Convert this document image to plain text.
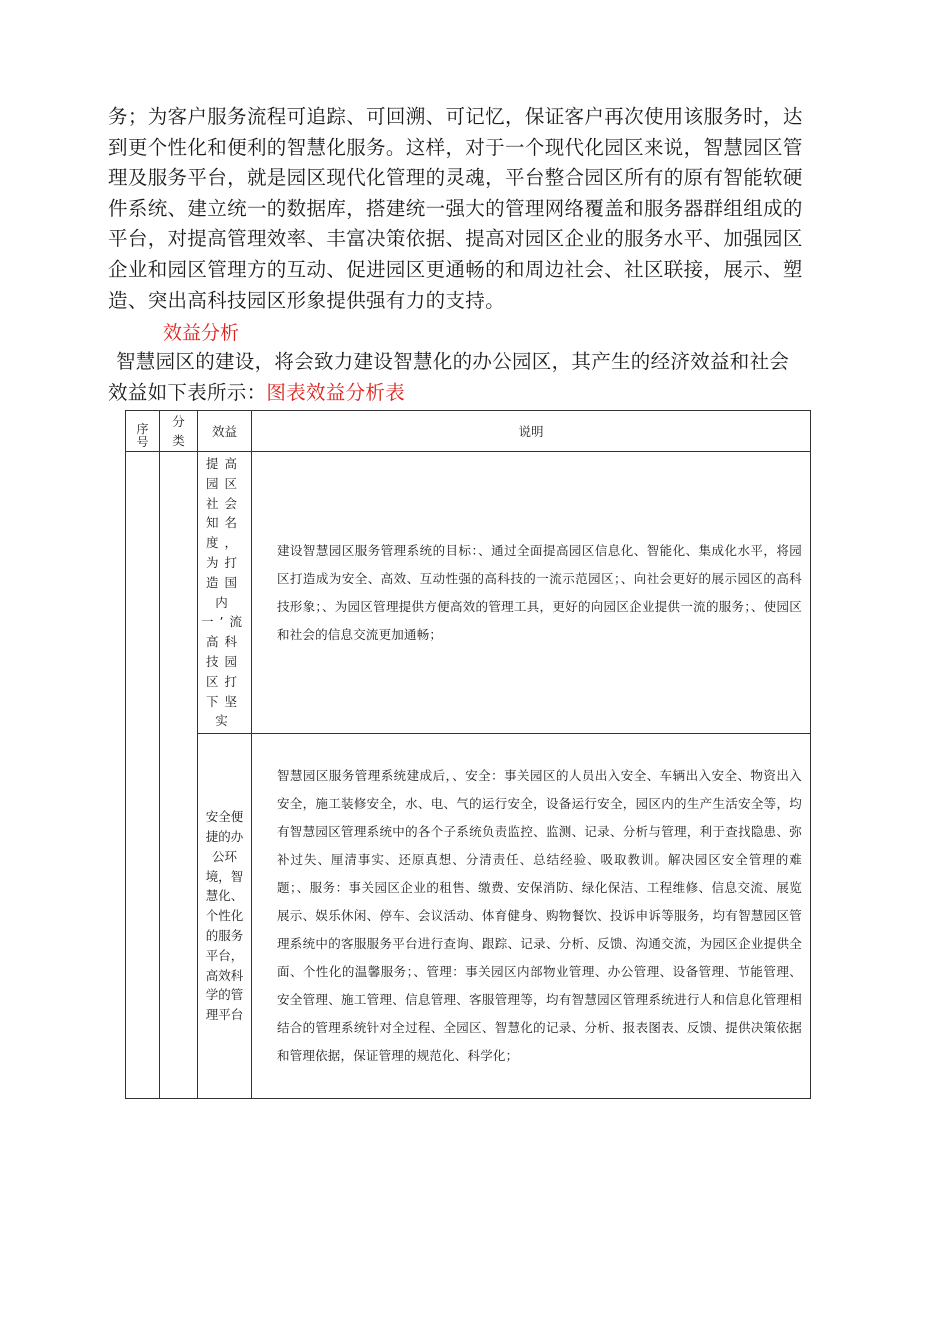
务；为客户服务流程可追踪、可回溯、可记忆，保证客户再次使用该服务时，达
到更个性化和便利的智慧化服务。这样，对于一个现代化园区来说，智慧园区管
理及服务平台，就是园区现代化管理的灵魂，平台整合园区所有的原有智能软硬
件系统、建立统一的数据库，搭建统一强大的管理网络覆盖和服务器群组组成的
平台，对提高管理效率、丰富决策依据、提高对园区企业的服务水平、加强园区
企业和园区管理方的互动、促进园区更通畅的和周边社会、社区联接，展示、塑
造、突出高科技园区形象提供强有力的支持。
效益分析
智慧园区的建设，将会致力建设智慧化的办公园区，其产生的经济效益和社会
效益如下表所示：图表效益分析表
序号	分类	效益	说明

		提高园区社会知名度，为打造国内一’流高科技园区打下坚实	建设智慧园区服务管理系统的目标：、通过全面提高园区信息化、智能化、集成化水平，将园区打造成为安全、高效、互动性强的高科技的一流示范园区；、向社会更好的展示园区的高科技形象；、为园区管理提供方便高效的管理工具，更好的向园区企业提供一流的服务；、使园区和社会的信息交流更加通畅；

		安全便捷的办公环境，智慧化、个性化的服务平台，高效科学的管理平台	智慧园区服务管理系统建成后，、安全：事关园区的人员出入安全、车辆出入安全、物资出入安全，施工装修安全，水、电、气的运行安全，设备运行安全，园区内的生产生活安全等，均有智慧园区管理系统中的各个子系统负责监控、监测、记录、分析与管理，利于查找隐患、弥补过失、厘清事实、还原真想、分清责任、总结经验、吸取教训。解决园区安全管理的难题；、服务：事关园区企业的租售、缴费、安保消防、绿化保洁、工程维修、信息交流、展览展示、娱乐休闲、停车、会议活动、体育健身、购物餐饮、投诉申诉等服务，均有智慧园区管理系统中的客服服务平台进行查询、跟踪、记录、分析、反馈、沟通交流，为园区企业提供全面、个性化的温馨服务；、管理：事关园区内部物业管理、办公管理、设备管理、节能管理、安全管理、施工管理、信息管理、客服管理等，均有智慧园区管理系统进行人和信息化管理相结合的管理系统针对全过程、全园区、智慧化的记录、分析、报表图表、反馈、提供决策依据和管理依据，保证管理的规范化、科学化；
